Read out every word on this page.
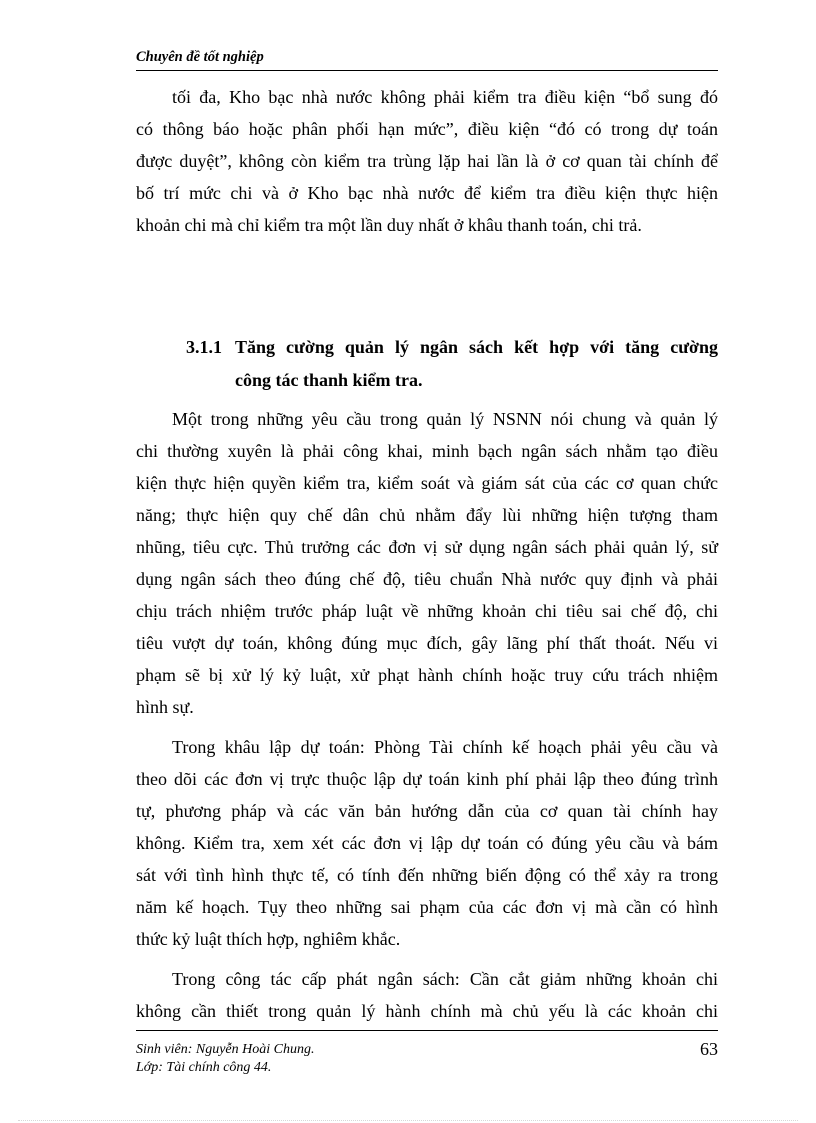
Chuyên đề tốt nghiệp
tối đa, Kho bạc nhà nước không phải kiểm tra điều kiện “bổ sung đó
có thông báo hoặc phân phối hạn mức”, điều kiện “đó có trong dự toán
được duyệt”, không còn kiểm tra trùng lặp hai lần là ở cơ quan tài chính để
bố trí mức chi và ở Kho bạc nhà nước để kiểm tra điều kiện thực hiện
khoản chi mà chỉ kiểm tra một lần duy nhất ở khâu thanh toán, chi trả.
3.1.1 Tăng cường quản lý ngân sách kết hợp với tăng cường
công tác thanh kiểm tra.
Một trong những yêu cầu trong quản lý NSNN nói chung và quản lý
chi thường xuyên là phải công khai, minh bạch ngân sách nhằm tạo điều
kiện thực hiện quyền kiểm tra, kiểm soát và giám sát của các cơ quan chức
năng; thực hiện quy chế dân chủ nhằm đẩy lùi những hiện tượng tham
nhũng, tiêu cực. Thủ trưởng các đơn vị sử dụng ngân sách phải quản lý, sử
dụng ngân sách theo đúng chế độ, tiêu chuẩn Nhà nước quy định và phải
chịu trách nhiệm trước pháp luật về những khoản chi tiêu sai chế độ, chi
tiêu vượt dự toán, không đúng mục đích, gây lãng phí thất thoát. Nếu vi
phạm sẽ bị xử lý kỷ luật, xử phạt hành chính hoặc truy cứu trách nhiệm
hình sự.
Trong khâu lập dự toán: Phòng Tài chính kế hoạch phải yêu cầu và
theo dõi các đơn vị trực thuộc lập dự toán kinh phí phải lập theo đúng trình
tự, phương pháp và các văn bản hướng dẫn của cơ quan tài chính hay
không. Kiểm tra, xem xét các đơn vị lập dự toán có đúng yêu cầu và bám
sát với tình hình thực tế, có tính đến những biến động có thể xảy ra trong
năm kế hoạch. Tụy theo những sai phạm của các đơn vị mà cần có hình
thức kỷ luật thích hợp, nghiêm khắc.
Trong công tác cấp phát ngân sách: Cần cắt giảm những khoản chi
không cần thiết trong quản lý hành chính mà chủ yếu là các khoản chi
Sinh viên: Nguyễn Hoài Chung.
Lớp: Tài chính công 44.
63
